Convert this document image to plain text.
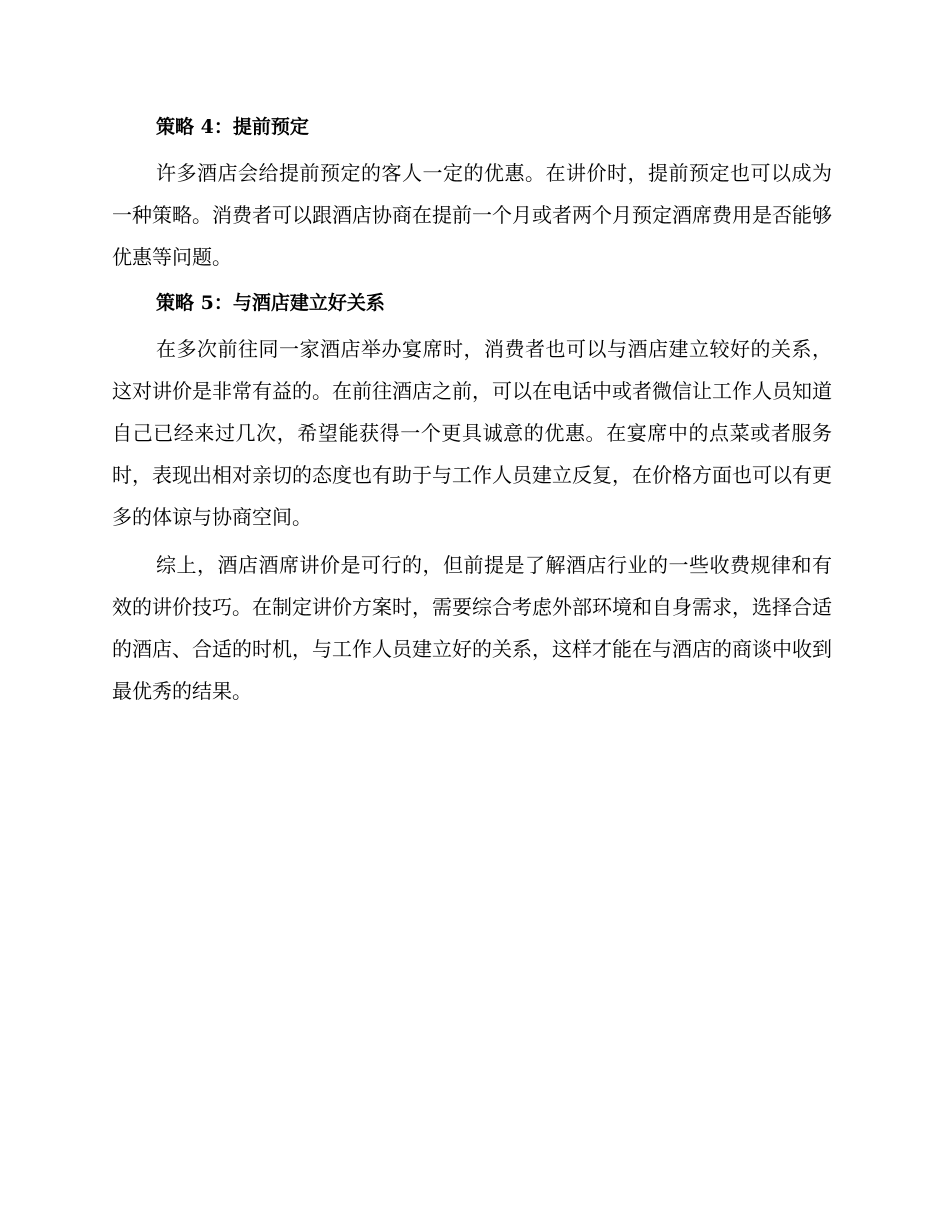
策略 4：提前预定

许多酒店会给提前预定的客人一定的优惠。在讲价时，提前预定也可以成为一种策略。消费者可以跟酒店协商在提前一个月或者两个月预定酒席费用是否能够优惠等问题。

策略 5：与酒店建立好关系

在多次前往同一家酒店举办宴席时，消费者也可以与酒店建立较好的关系，这对讲价是非常有益的。在前往酒店之前，可以在电话中或者微信让工作人员知道自己已经来过几次，希望能获得一个更具诚意的优惠。在宴席中的点菜或者服务时，表现出相对亲切的态度也有助于与工作人员建立反复，在价格方面也可以有更多的体谅与协商空间。

综上，酒店酒席讲价是可行的，但前提是了解酒店行业的一些收费规律和有效的讲价技巧。在制定讲价方案时，需要综合考虑外部环境和自身需求，选择合适的酒店、合适的时机，与工作人员建立好的关系，这样才能在与酒店的商谈中收到最优秀的结果。
